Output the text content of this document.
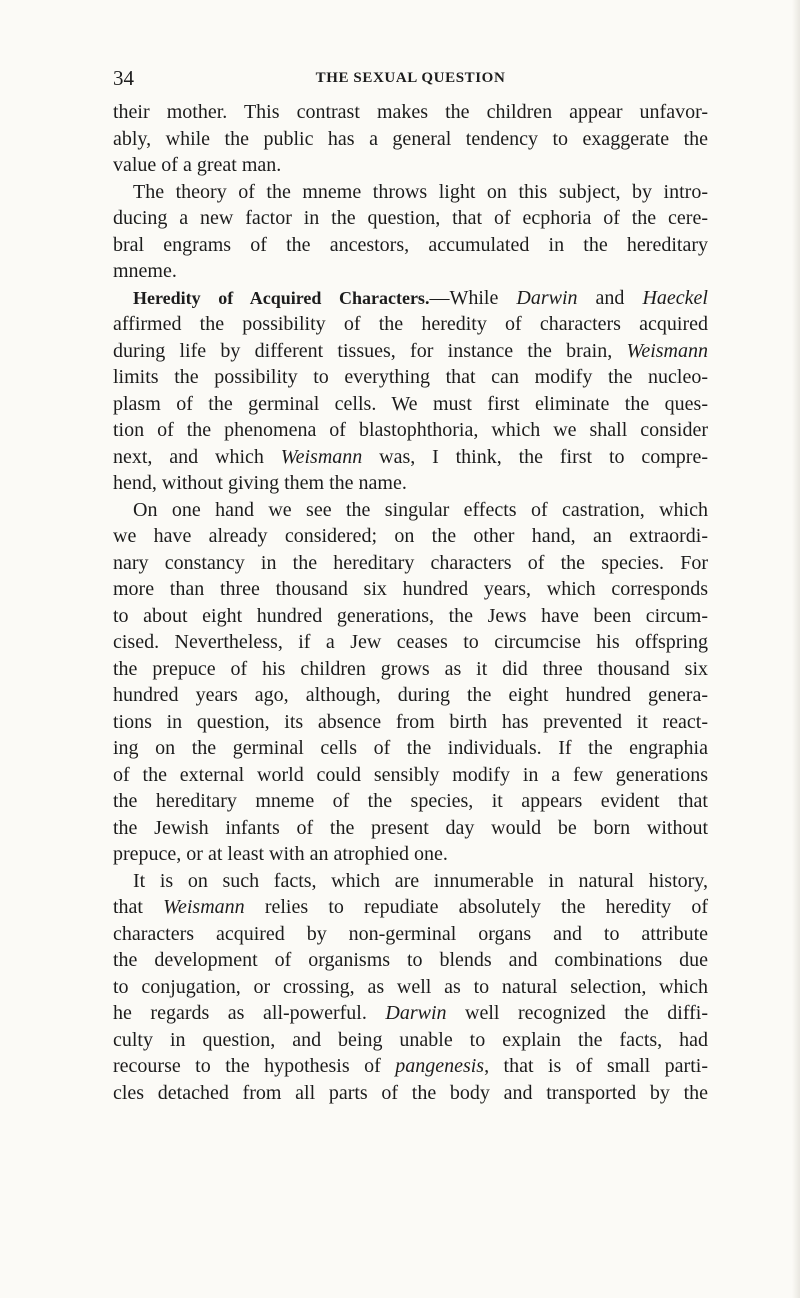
34	THE SEXUAL QUESTION
their mother. This contrast makes the children appear unfavor-
ably, while the public has a general tendency to exaggerate the
value of a great man.
The theory of the mneme throws light on this subject, by intro-
ducing a new factor in the question, that of ecphoria of the cere-
bral engrams of the ancestors, accumulated in the hereditary
mneme.
Heredity of Acquired Characters.—While Darwin and Haeckel
affirmed the possibility of the heredity of characters acquired
during life by different tissues, for instance the brain, Weismann
limits the possibility to everything that can modify the nucleo-
plasm of the germinal cells. We must first eliminate the ques-
tion of the phenomena of blastophthoria, which we shall consider
next, and which Weismann was, I think, the first to compre-
hend, without giving them the name.
On one hand we see the singular effects of castration, which
we have already considered; on the other hand, an extraordi-
nary constancy in the hereditary characters of the species. For
more than three thousand six hundred years, which corresponds
to about eight hundred generations, the Jews have been circum-
cised. Nevertheless, if a Jew ceases to circumcise his offspring
the prepuce of his children grows as it did three thousand six
hundred years ago, although, during the eight hundred genera-
tions in question, its absence from birth has prevented it react-
ing on the germinal cells of the individuals. If the engraphia
of the external world could sensibly modify in a few generations
the hereditary mneme of the species, it appears evident that
the Jewish infants of the present day would be born without
prepuce, or at least with an atrophied one.
It is on such facts, which are innumerable in natural history,
that Weismann relies to repudiate absolutely the heredity of
characters acquired by non-germinal organs and to attribute
the development of organisms to blends and combinations due
to conjugation, or crossing, as well as to natural selection, which
he regards as all-powerful. Darwin well recognized the diffi-
culty in question, and being unable to explain the facts, had
recourse to the hypothesis of pangenesis, that is of small parti-
cles detached from all parts of the body and transported by the
